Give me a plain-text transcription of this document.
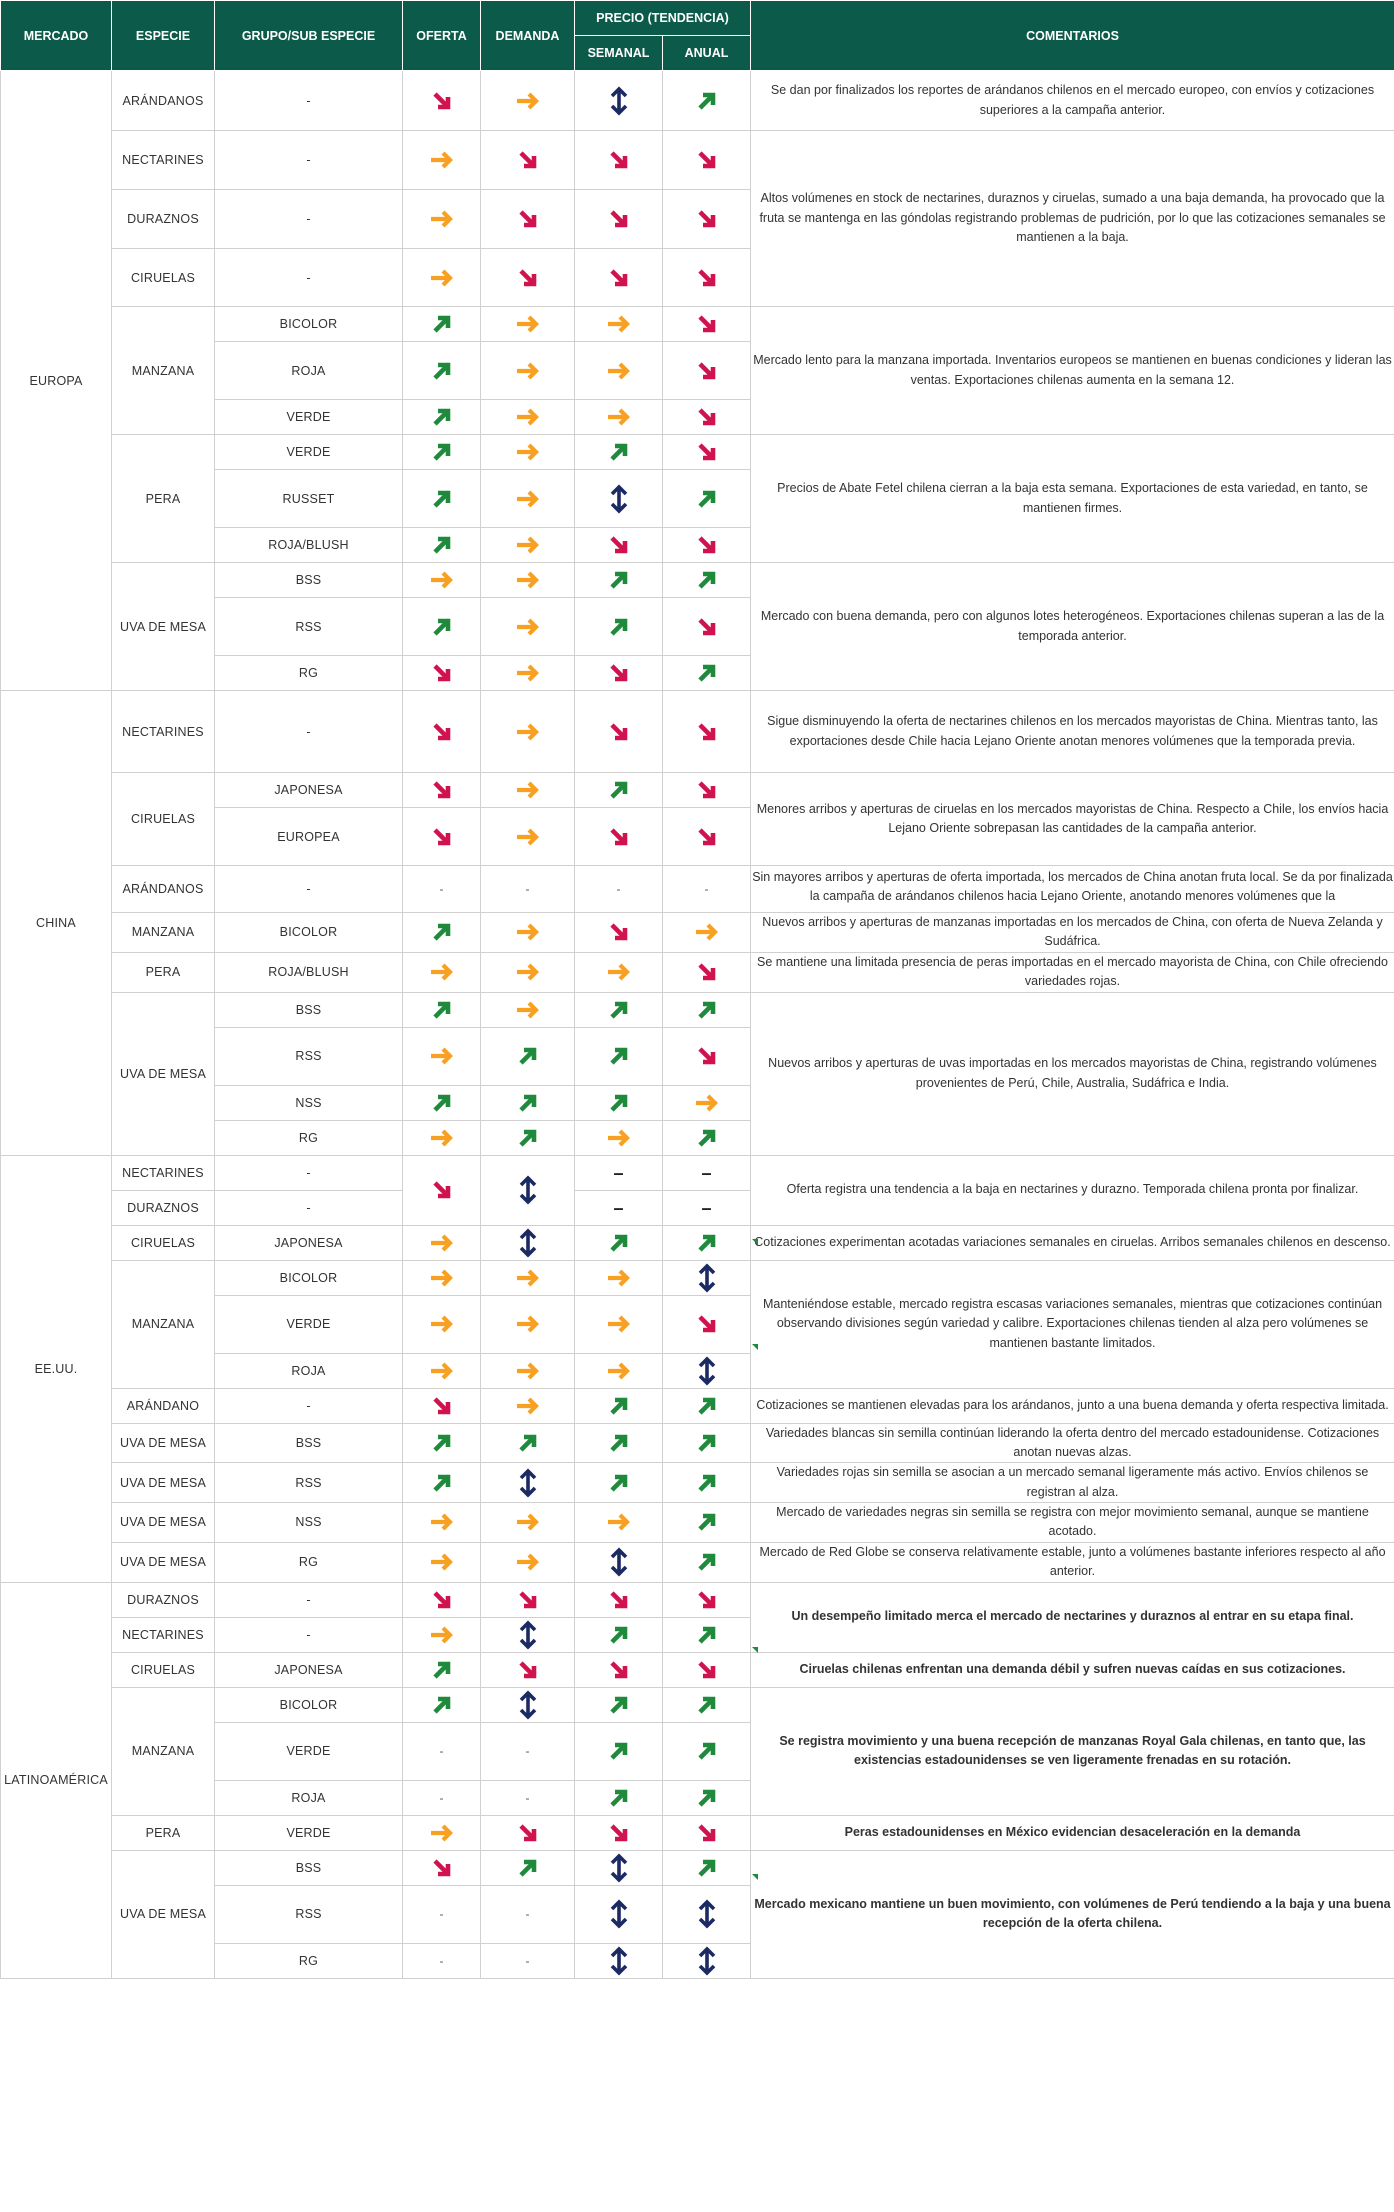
MERCADO	ESPECIE	GRUPO/SUB ESPECIE	OFERTA	DEMANDA	PRECIO (TENDENCIA)		COMENTARIOS
					SEMANAL	ANUAL	
EUROPA	ARÁNDANOS	-					Se dan por finalizados los reportes de arándanos chilenos en el mercado europeo, con envíos y cotizaciones superiores a la campaña anterior.
	NECTARINES	-					Altos volúmenes en stock de nectarines, duraznos y ciruelas, sumado a una baja demanda, ha provocado que la fruta se mantenga en las góndolas registrando problemas de pudrición, por lo que las cotizaciones semanales se mantienen a la baja.
	DURAZNOS	-	

	CIRUELAS	-	

	MANZANA	BICOLOR					Mercado lento para la manzana importada. Inventarios europeos se mantienen en buenas condiciones y lideran las ventas. Exportaciones chilenas aumenta en la semana 12.
		ROJA	

		VERDE	

	PERA	VERDE					Precios de Abate Fetel chilena cierran a la baja esta semana. Exportaciones de esta variedad, en tanto, se mantienen firmes.
		RUSSET	

		ROJA/BLUSH	

	UVA DE MESA	BSS					Mercado con buena demanda, pero con algunos lotes heterogéneos. Exportaciones chilenas superan a las de la temporada anterior.
		RSS	

		RG	

CHINA	NECTARINES	-					Sigue disminuyendo la oferta de nectarines chilenos en los mercados mayoristas de China. Mientras tanto, las exportaciones desde Chile hacia Lejano Oriente anotan menores volúmenes que la temporada previa.
	CIRUELAS	JAPONESA					Menores arribos y aperturas de ciruelas en los mercados mayoristas de China. Respecto a Chile, los envíos hacia Lejano Oriente sobrepasan las cantidades de la campaña anterior.
		EUROPEA	

	ARÁNDANOS	-	-	-	-	-	Sin mayores arribos y aperturas de oferta importada, los mercados de China anotan fruta local. Se da por finalizada la campaña de arándanos chilenos hacia Lejano Oriente, anotando menores volúmenes que la

	MANZANA	BICOLOR					Nuevos arribos y aperturas de manzanas importadas en los mercados de China, con oferta de Nueva Zelanda y Sudáfrica.
	PERA	ROJA/BLUSH					Se mantiene una limitada presencia de peras importadas en el mercado mayorista de China, con Chile ofreciendo variedades rojas.
	UVA DE MESA	BSS					Nuevos arribos y aperturas de uvas importadas en los mercados mayoristas de China, registrando volúmenes provenientes de Perú, Chile, Australia, Sudáfrica e India.
		RSS	

		NSS	

		RG	

EE.UU.	NECTARINES	-			–	–	Oferta registra una tendencia a la baja en nectarines y durazno. Temporada chilena pronta por finalizar.
	DURAZNOS	-			–	–	
	CIRUELAS	JAPONESA					Cotizaciones experimentan acotadas variaciones semanales en ciruelas. Arribos semanales chilenos en descenso.
	MANZANA	BICOLOR					Manteniéndose estable, mercado registra escasas variaciones semanales, mientras que cotizaciones continúan observando divisiones según variedad y calibre. Exportaciones chilenas tienden al alza pero volúmenes se mantienen bastante limitados.
		VERDE	

		ROJA	

	ARÁNDANO	-					Cotizaciones se mantienen elevadas para los arándanos, junto a una buena demanda y oferta respectiva limitada.
	UVA DE MESA	BSS					Variedades blancas sin semilla continúan liderando la oferta dentro del mercado estadounidense. Cotizaciones anotan nuevas alzas.
	UVA DE MESA	RSS					Variedades rojas sin semilla se asocian a un mercado semanal ligeramente más activo. Envíos chilenos se registran al alza.
	UVA DE MESA	NSS					Mercado de variedades negras sin semilla se registra con mejor movimiento semanal, aunque se mantiene acotado.
	UVA DE MESA	RG					Mercado de Red Globe se conserva relativamente estable, junto a volúmenes bastante inferiores respecto al año anterior.
LATINOAMÉRICA	DURAZNOS	-					Un desempeño limitado merca el mercado de nectarines y duraznos al entrar en su etapa final.
	NECTARINES	-	

	CIRUELAS	JAPONESA					Ciruelas chilenas enfrentan una demanda débil y sufren nuevas caídas en sus cotizaciones.
	MANZANA	BICOLOR					Se registra movimiento y una buena recepción de manzanas Royal Gala chilenas, en tanto que, las existencias estadounidenses se ven ligeramente frenadas en su rotación.
		VERDE	-	-	

		ROJA	-	-	

	PERA	VERDE					Peras estadounidenses en México evidencian desaceleración en la demanda
	UVA DE MESA	BSS					Mercado mexicano mantiene un buen movimiento, con volúmenes de Perú tendiendo a la baja y una buena recepción de la oferta chilena.
		RSS	-	-	

		RG	-	-	
